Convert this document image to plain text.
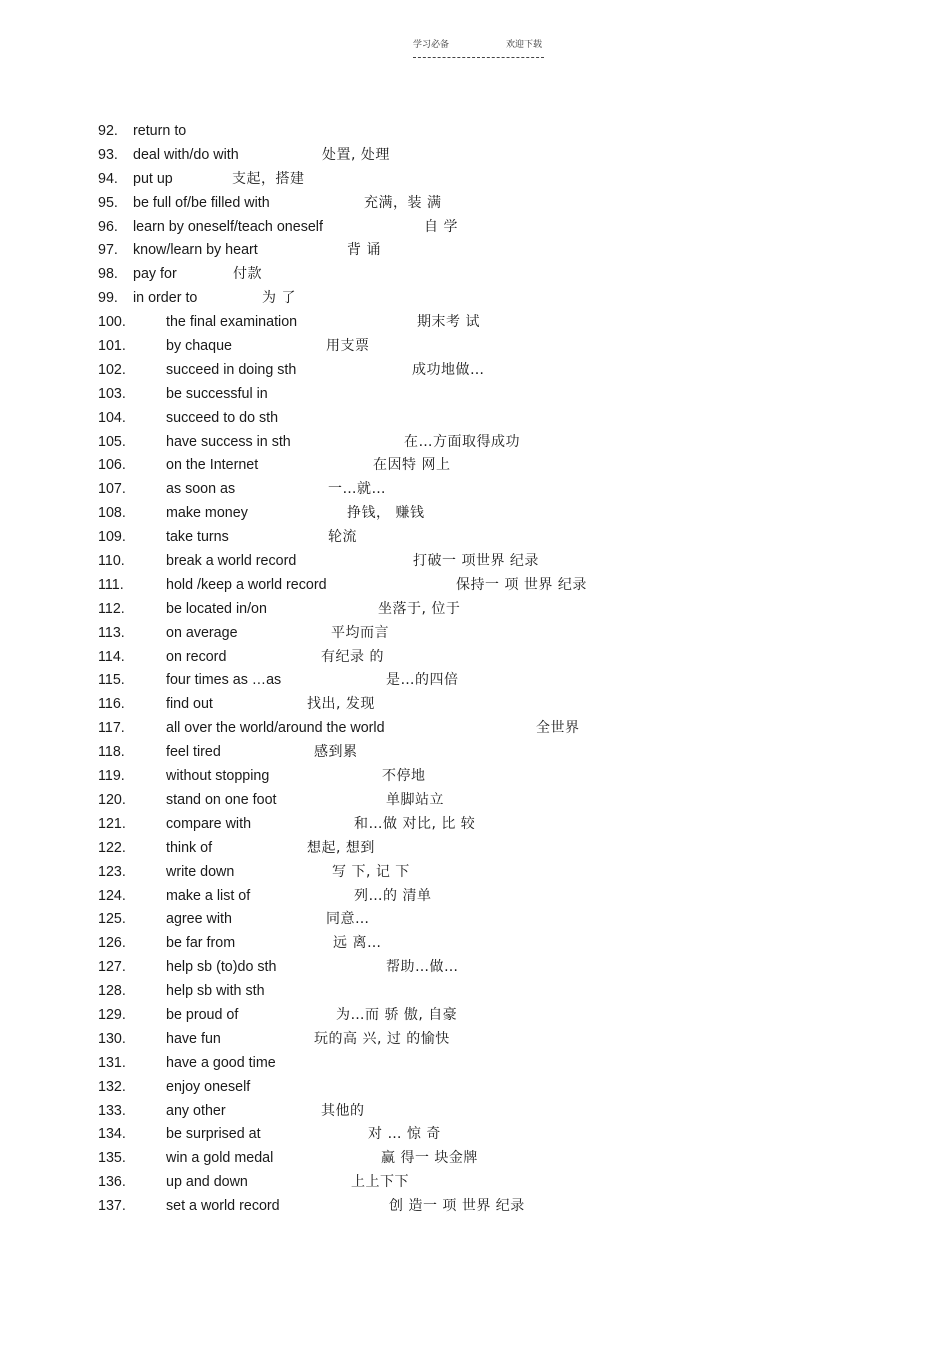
学习必备	欢迎下载
92. return to
93. deal with/do with	处置, 处理
94. put up	支起，搭建
95. be full of/be filled with	充满，装 满
96. learn by oneself/teach oneself	自 学
97. know/learn by heart	背 诵
98. pay for	付款
99. in order to	为 了
100.	the final examination	期末考 试
101.	by chaque	用支票
102.	succeed in doing sth	成功地做…
103.	be successful in
104.	succeed to do sth
105.	have success in sth	在…方面取得成功
106.	on the Internet	在因特 网上
107.	as soon as	一…就…
108.	make money	挣钱， 赚钱
109.	take turns	轮流
110.	break a world record	打破一 项世界 纪录
111.	hold /keep a world record	保持一 项 世界 纪录
112.	be located in/on	坐落于, 位于
113.	on average	平均而言
114.	on record	有纪录 的
115.	four times as …as	是…的四倍
116.	find out	找出, 发现
117.	all over the world/around the world	全世界
118.	feel tired	感到累
119.	without stopping	不停地
120.	stand on one foot	单脚站立
121.	compare with	和…做 对比, 比 较
122.	think of	想起, 想到
123.	write down	写 下, 记 下
124.	make a list of	列…的 清单
125.	agree with	同意…
126.	be far from	远 离…
127.	help sb (to)do sth	帮助…做…
128.	help sb with sth
129.	be proud of	为…而 骄 傲, 自豪
130.	have fun	玩的高 兴, 过 的愉快
131.	have a good time
132.	enjoy oneself
133.	any other	其他的
134.	be surprised at	对 … 惊 奇
135.	win a gold medal	赢 得一 块金牌
136.	up and down	上上下下
137.	set a world record	创 造一 项 世界 纪录
